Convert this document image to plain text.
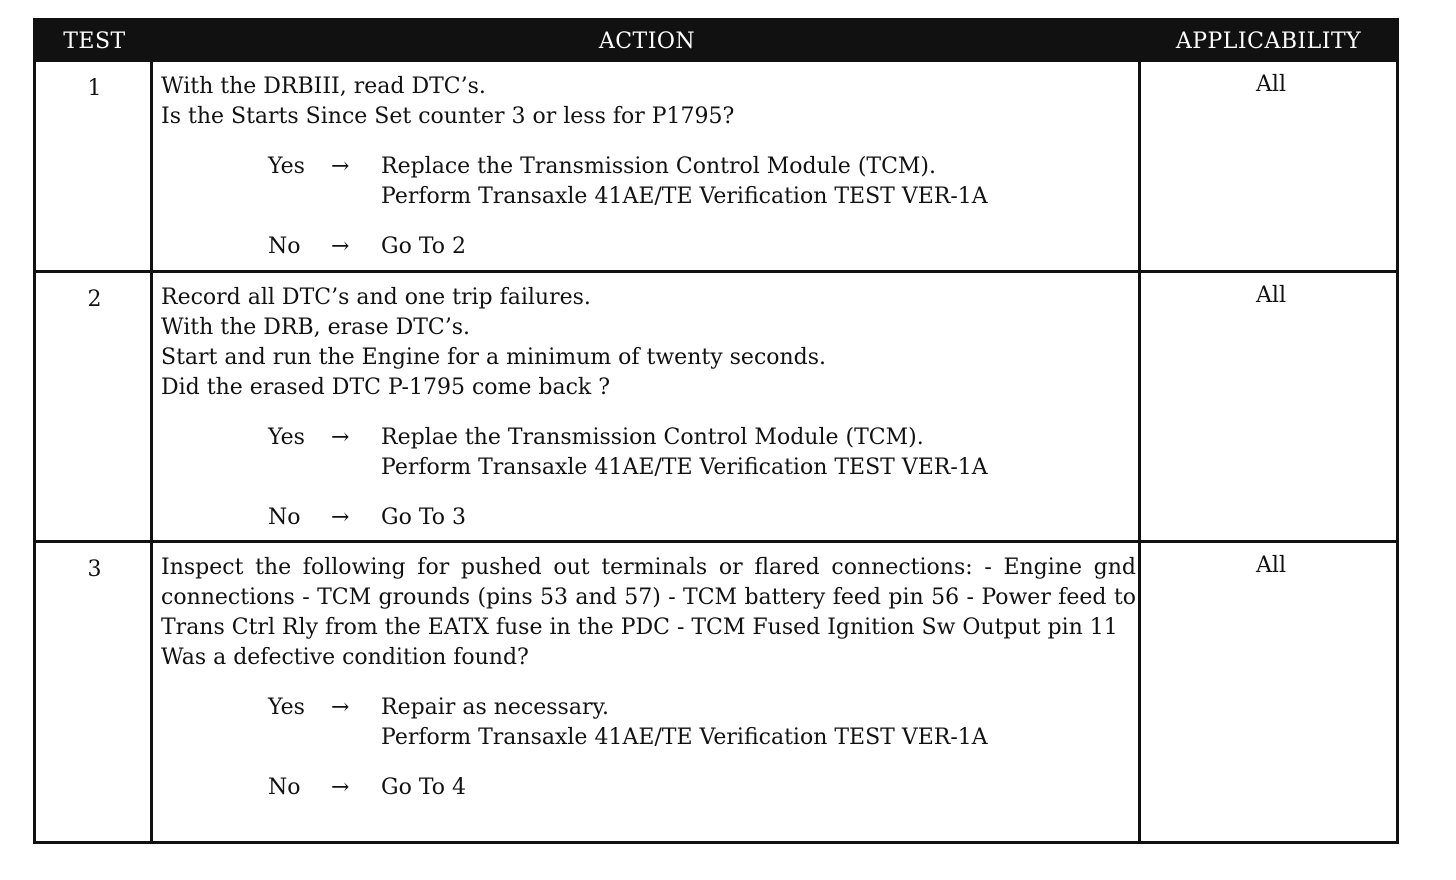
TEST	ACTION	APPLICABILITY
1	With the DRBIII, read DTC’s.
Is the Starts Since Set counter 3 or less for P1795?
Yes	→	Replace the Transmission Control Module (TCM).
Perform Transaxle 41AE/TE Verification TEST VER-1A
No	→	Go To 2
All
2	Record all DTC’s and one trip failures.
With the DRB, erase DTC’s.
Start and run the Engine for a minimum of twenty seconds.
Did the erased DTC P-1795 come back ?
Yes	→	Replae the Transmission Control Module (TCM).
Perform Transaxle 41AE/TE Verification TEST VER-1A
No	→	Go To 3
All
3	Inspect the following for pushed out terminals or flared connections: - Engine gnd connections - TCM grounds (pins 53 and 57) - TCM battery feed pin 56 - Power feed to Trans Ctrl Rly from the EATX fuse in the PDC - TCM Fused Ignition Sw Output pin 11
Was a defective condition found?
Yes	→	Repair as necessary.
Perform Transaxle 41AE/TE Verification TEST VER-1A
No	→	Go To 4
All
